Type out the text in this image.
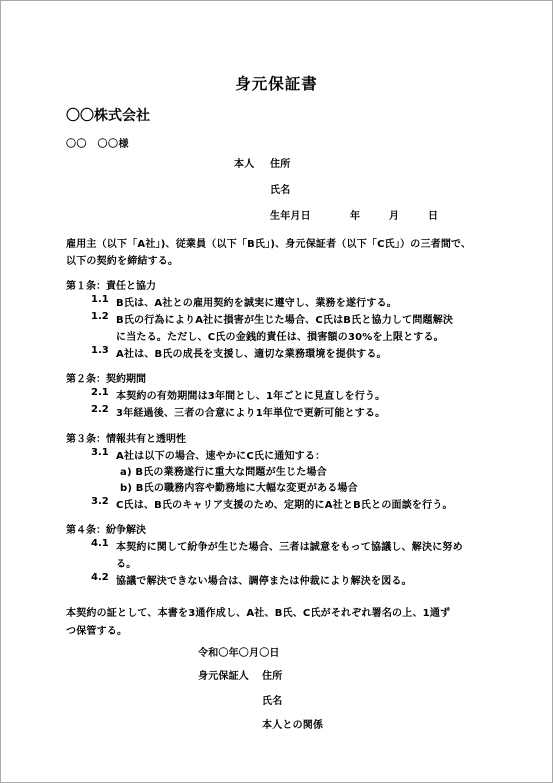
身元保証書
〇〇株式会社
〇〇　〇〇様
本人 住所
氏名
生年月日	年	月	日
雇用主（以下「A社」)、従業員（以下「B氏」)、身元保証者（以下「C氏」）の三者間で、
以下の契約を締結する。
第１条：責任と協力
1.1 B氏は、A社との雇用契約を誠実に遵守し、業務を遂行する。
1.2 B氏の行為によりA社に損害が生じた場合、C氏はB氏と協力して問題解決
に当たる。ただし、C氏の金銭的責任は、損害額の30%を上限とする。
1.3 A社は、B氏の成長を支援し、適切な業務環境を提供する。
第２条：契約期間
2.1 本契約の有効期間は3年間とし、1年ごとに見直しを行う。
2.2 3年経過後、三者の合意により1年単位で更新可能とする。
第３条：情報共有と透明性
3.1 A社は以下の場合、速やかにC氏に通知する：
a) B氏の業務遂行に重大な問題が生じた場合
b) B氏の職務内容や勤務地に大幅な変更がある場合
3.2 C氏は、B氏のキャリア支援のため、定期的にA社とB氏との面談を行う。
第４条：紛争解決
4.1 本契約に関して紛争が生じた場合、三者は誠意をもって協議し、解決に努め
る。
4.2 協議で解決できない場合は、調停または仲裁により解決を図る。
本契約の証として、本書を3通作成し、A社、B氏、C氏がそれぞれ署名の上、1通ず
つ保管する。
令和〇年〇月〇日
身元保証人 住所
氏名
本人との関係
